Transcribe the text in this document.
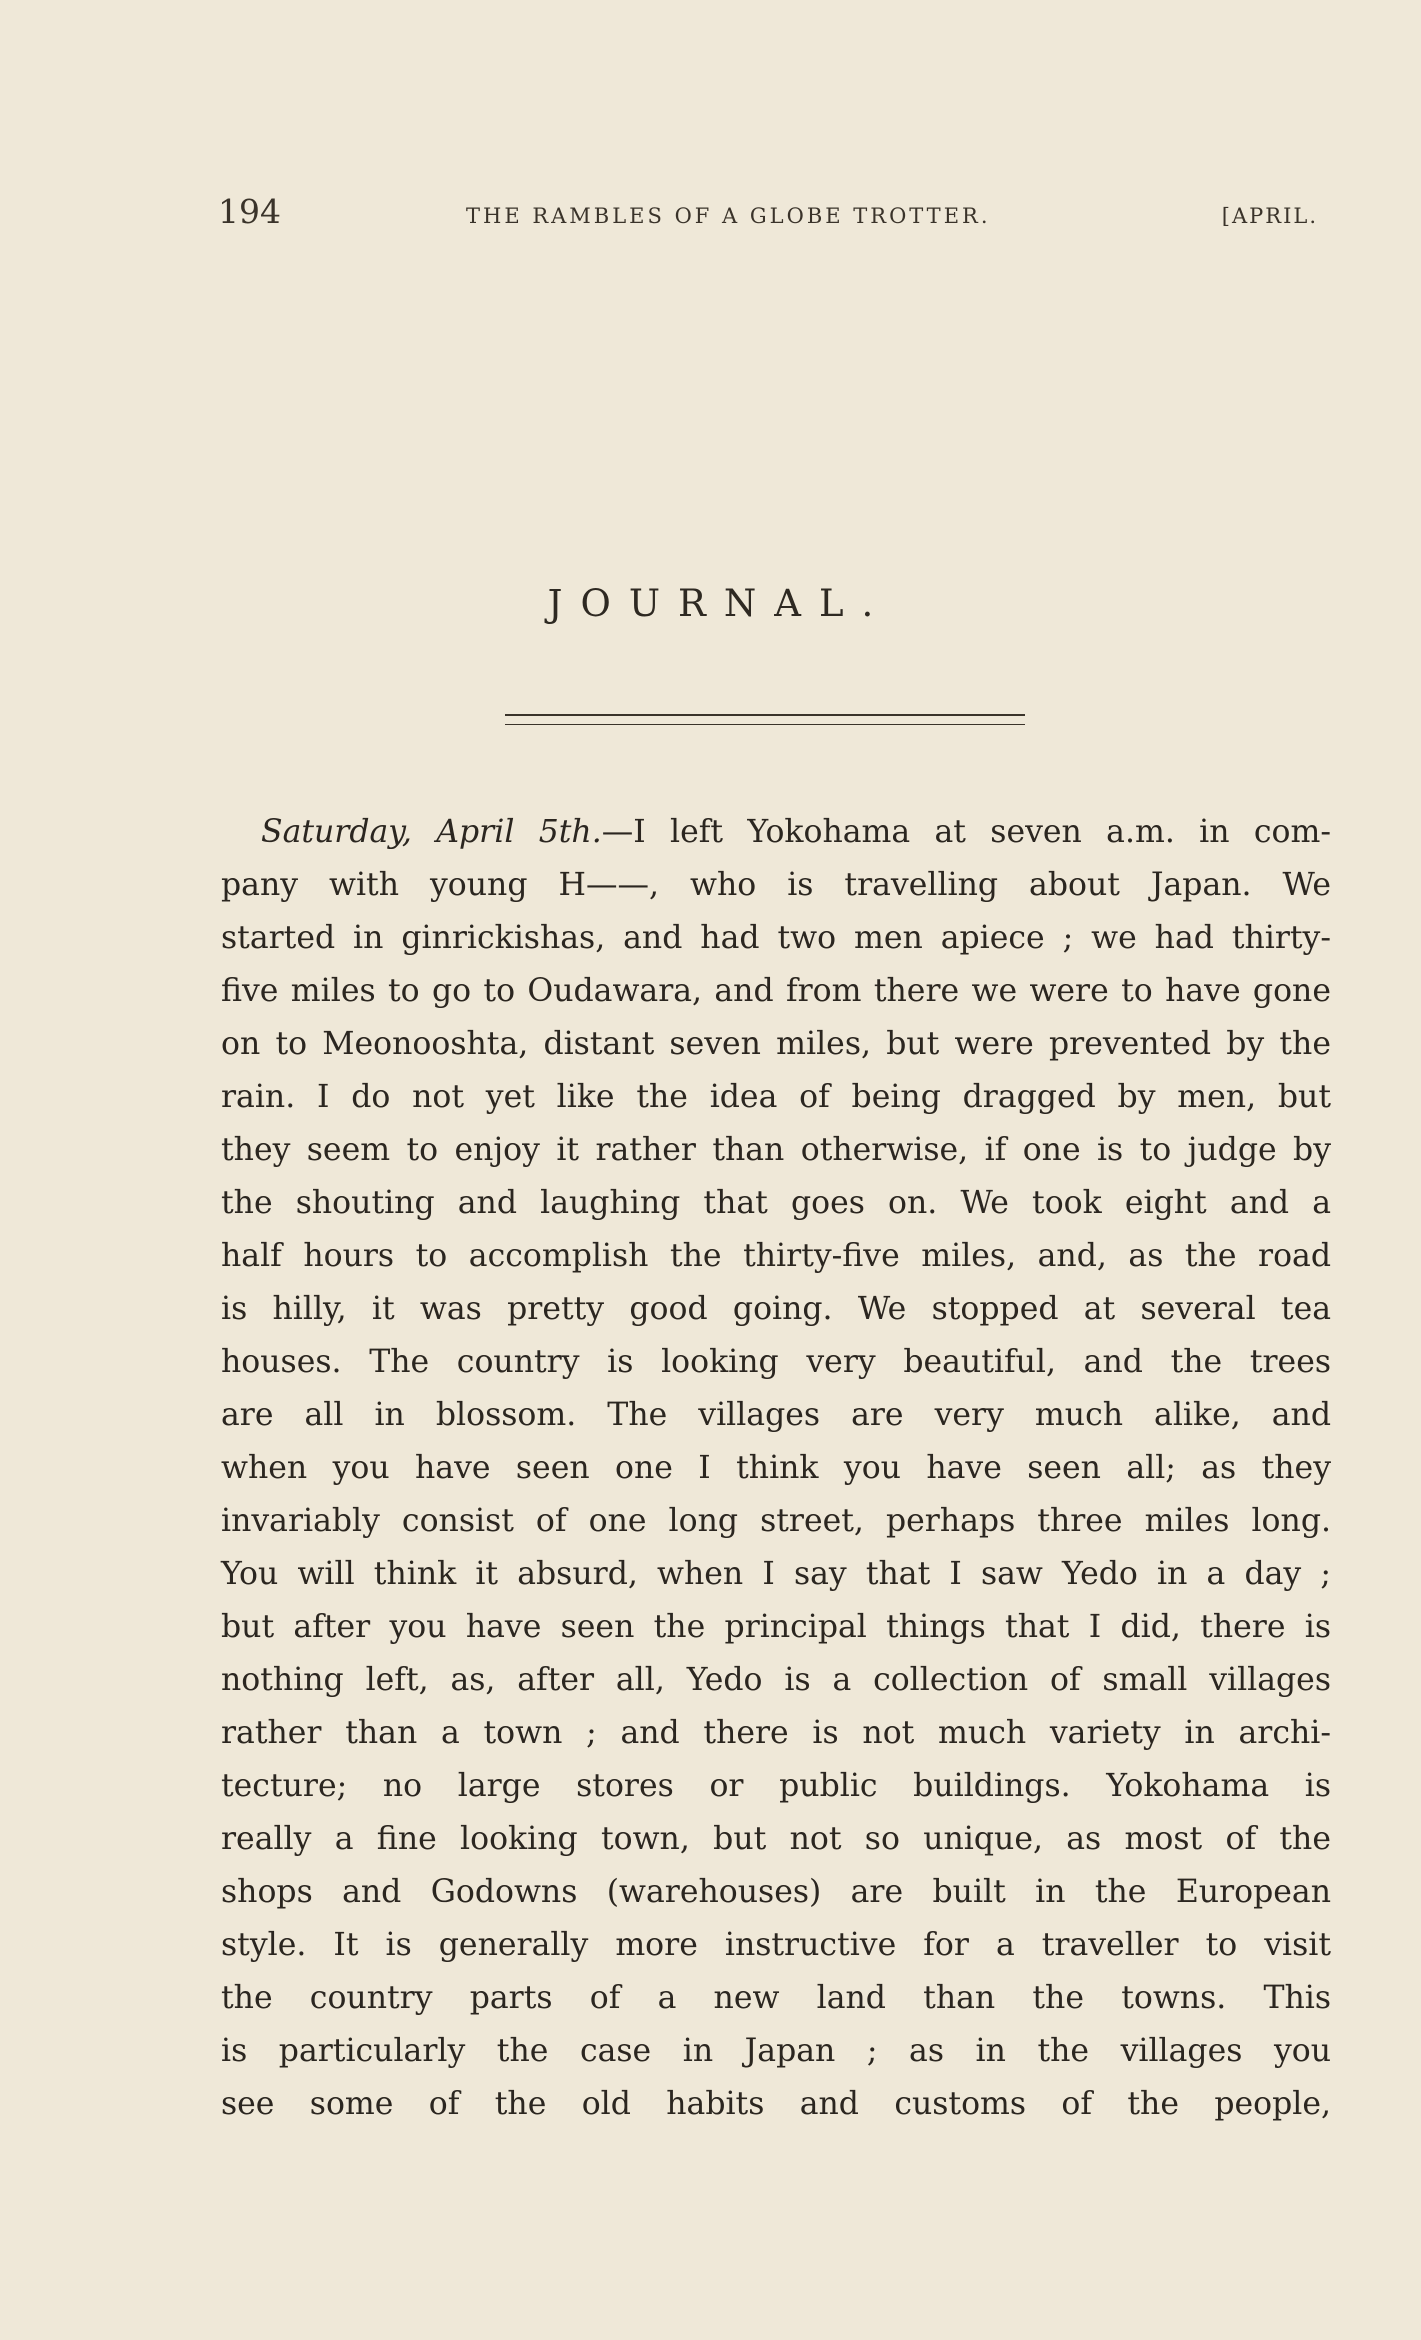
194	THE RAMBLES OF A GLOBE TROTTER.	[APRIL.
JOURNAL.
Saturday, April 5th.—I left Yokohama at seven a.m. in com-
pany with young H——, who is travelling about Japan. We
started in ginrickishas, and had two men apiece ; we had thirty-
five miles to go to Oudawara, and from there we were to have gone
on to Meonooshta, distant seven miles, but were prevented by the
rain. I do not yet like the idea of being dragged by men, but
they seem to enjoy it rather than otherwise, if one is to judge by
the shouting and laughing that goes on. We took eight and a
half hours to accomplish the thirty-five miles, and, as the road
is hilly, it was pretty good going. We stopped at several tea
houses. The country is looking very beautiful, and the trees
are all in blossom. The villages are very much alike, and
when you have seen one I think you have seen all; as they
invariably consist of one long street, perhaps three miles long.
You will think it absurd, when I say that I saw Yedo in a day ;
but after you have seen the principal things that I did, there is
nothing left, as, after all, Yedo is a collection of small villages
rather than a town ; and there is not much variety in archi-
tecture; no large stores or public buildings. Yokohama is
really a fine looking town, but not so unique, as most of the
shops and Godowns (warehouses) are built in the European
style. It is generally more instructive for a traveller to visit
the country parts of a new land than the towns. This
is particularly the case in Japan ; as in the villages you
see some of the old habits and customs of the people,
